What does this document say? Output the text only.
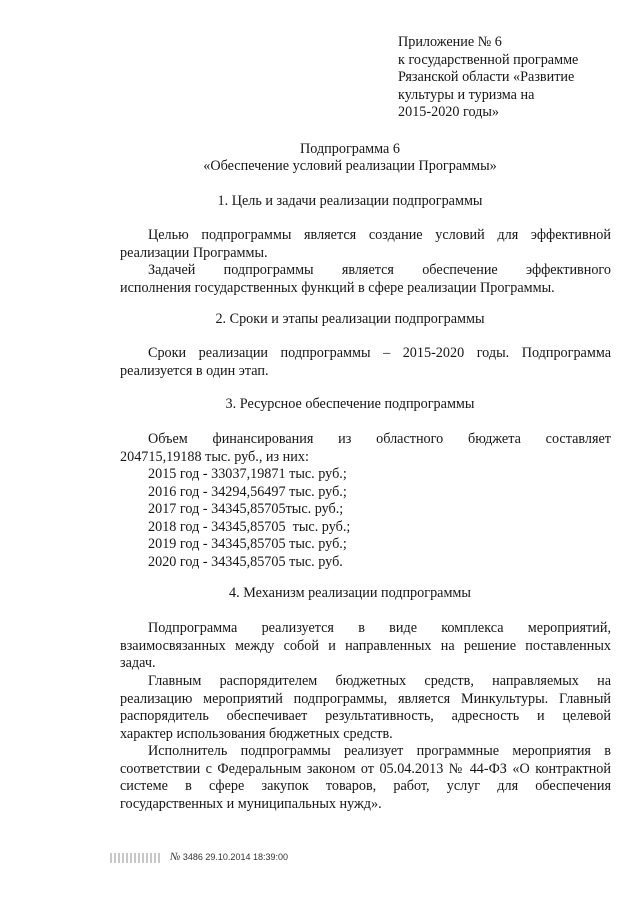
Приложение № 6
к государственной программе
Рязанской области «Развитие
культуры и туризма на
2015-2020 годы»
Подпрограмма 6
«Обеспечение условий реализации Программы»
1. Цель и задачи реализации подпрограммы
Целью подпрограммы является создание условий для эффективной
реализации Программы.
Задачей подпрограммы является обеспечение эффективного
исполнения государственных функций в сфере реализации Программы.
2. Сроки и этапы реализации подпрограммы
Сроки реализации подпрограммы – 2015-2020 годы. Подпрограмма
реализуется в один этап.
3. Ресурсное обеспечение подпрограммы
Объем финансирования из областного бюджета составляет
204715,19188 тыс. руб., из них:
2015 год - 33037,19871 тыс. руб.;
2016 год - 34294,56497 тыс. руб.;
2017 год - 34345,85705тыс. руб.;
2018 год - 34345,85705  тыс. руб.;
2019 год - 34345,85705 тыс. руб.;
2020 год - 34345,85705 тыс. руб.
4. Механизм реализации подпрограммы
Подпрограмма реализуется в виде комплекса мероприятий,
взаимосвязанных между собой и направленных на решение поставленных
задач.
Главным распорядителем бюджетных средств, направляемых на
реализацию мероприятий подпрограммы, является Минкультуры. Главный
распорядитель обеспечивает результативность, адресность и целевой
характер использования бюджетных средств.
Исполнитель подпрограммы реализует программные мероприятия в
соответствии с Федеральным законом от 05.04.2013 № 44-ФЗ «О контрактной
системе в сфере закупок товаров, работ, услуг для обеспечения
государственных и муниципальных нужд».
№ 3486 29.10.2014 18:39:00
